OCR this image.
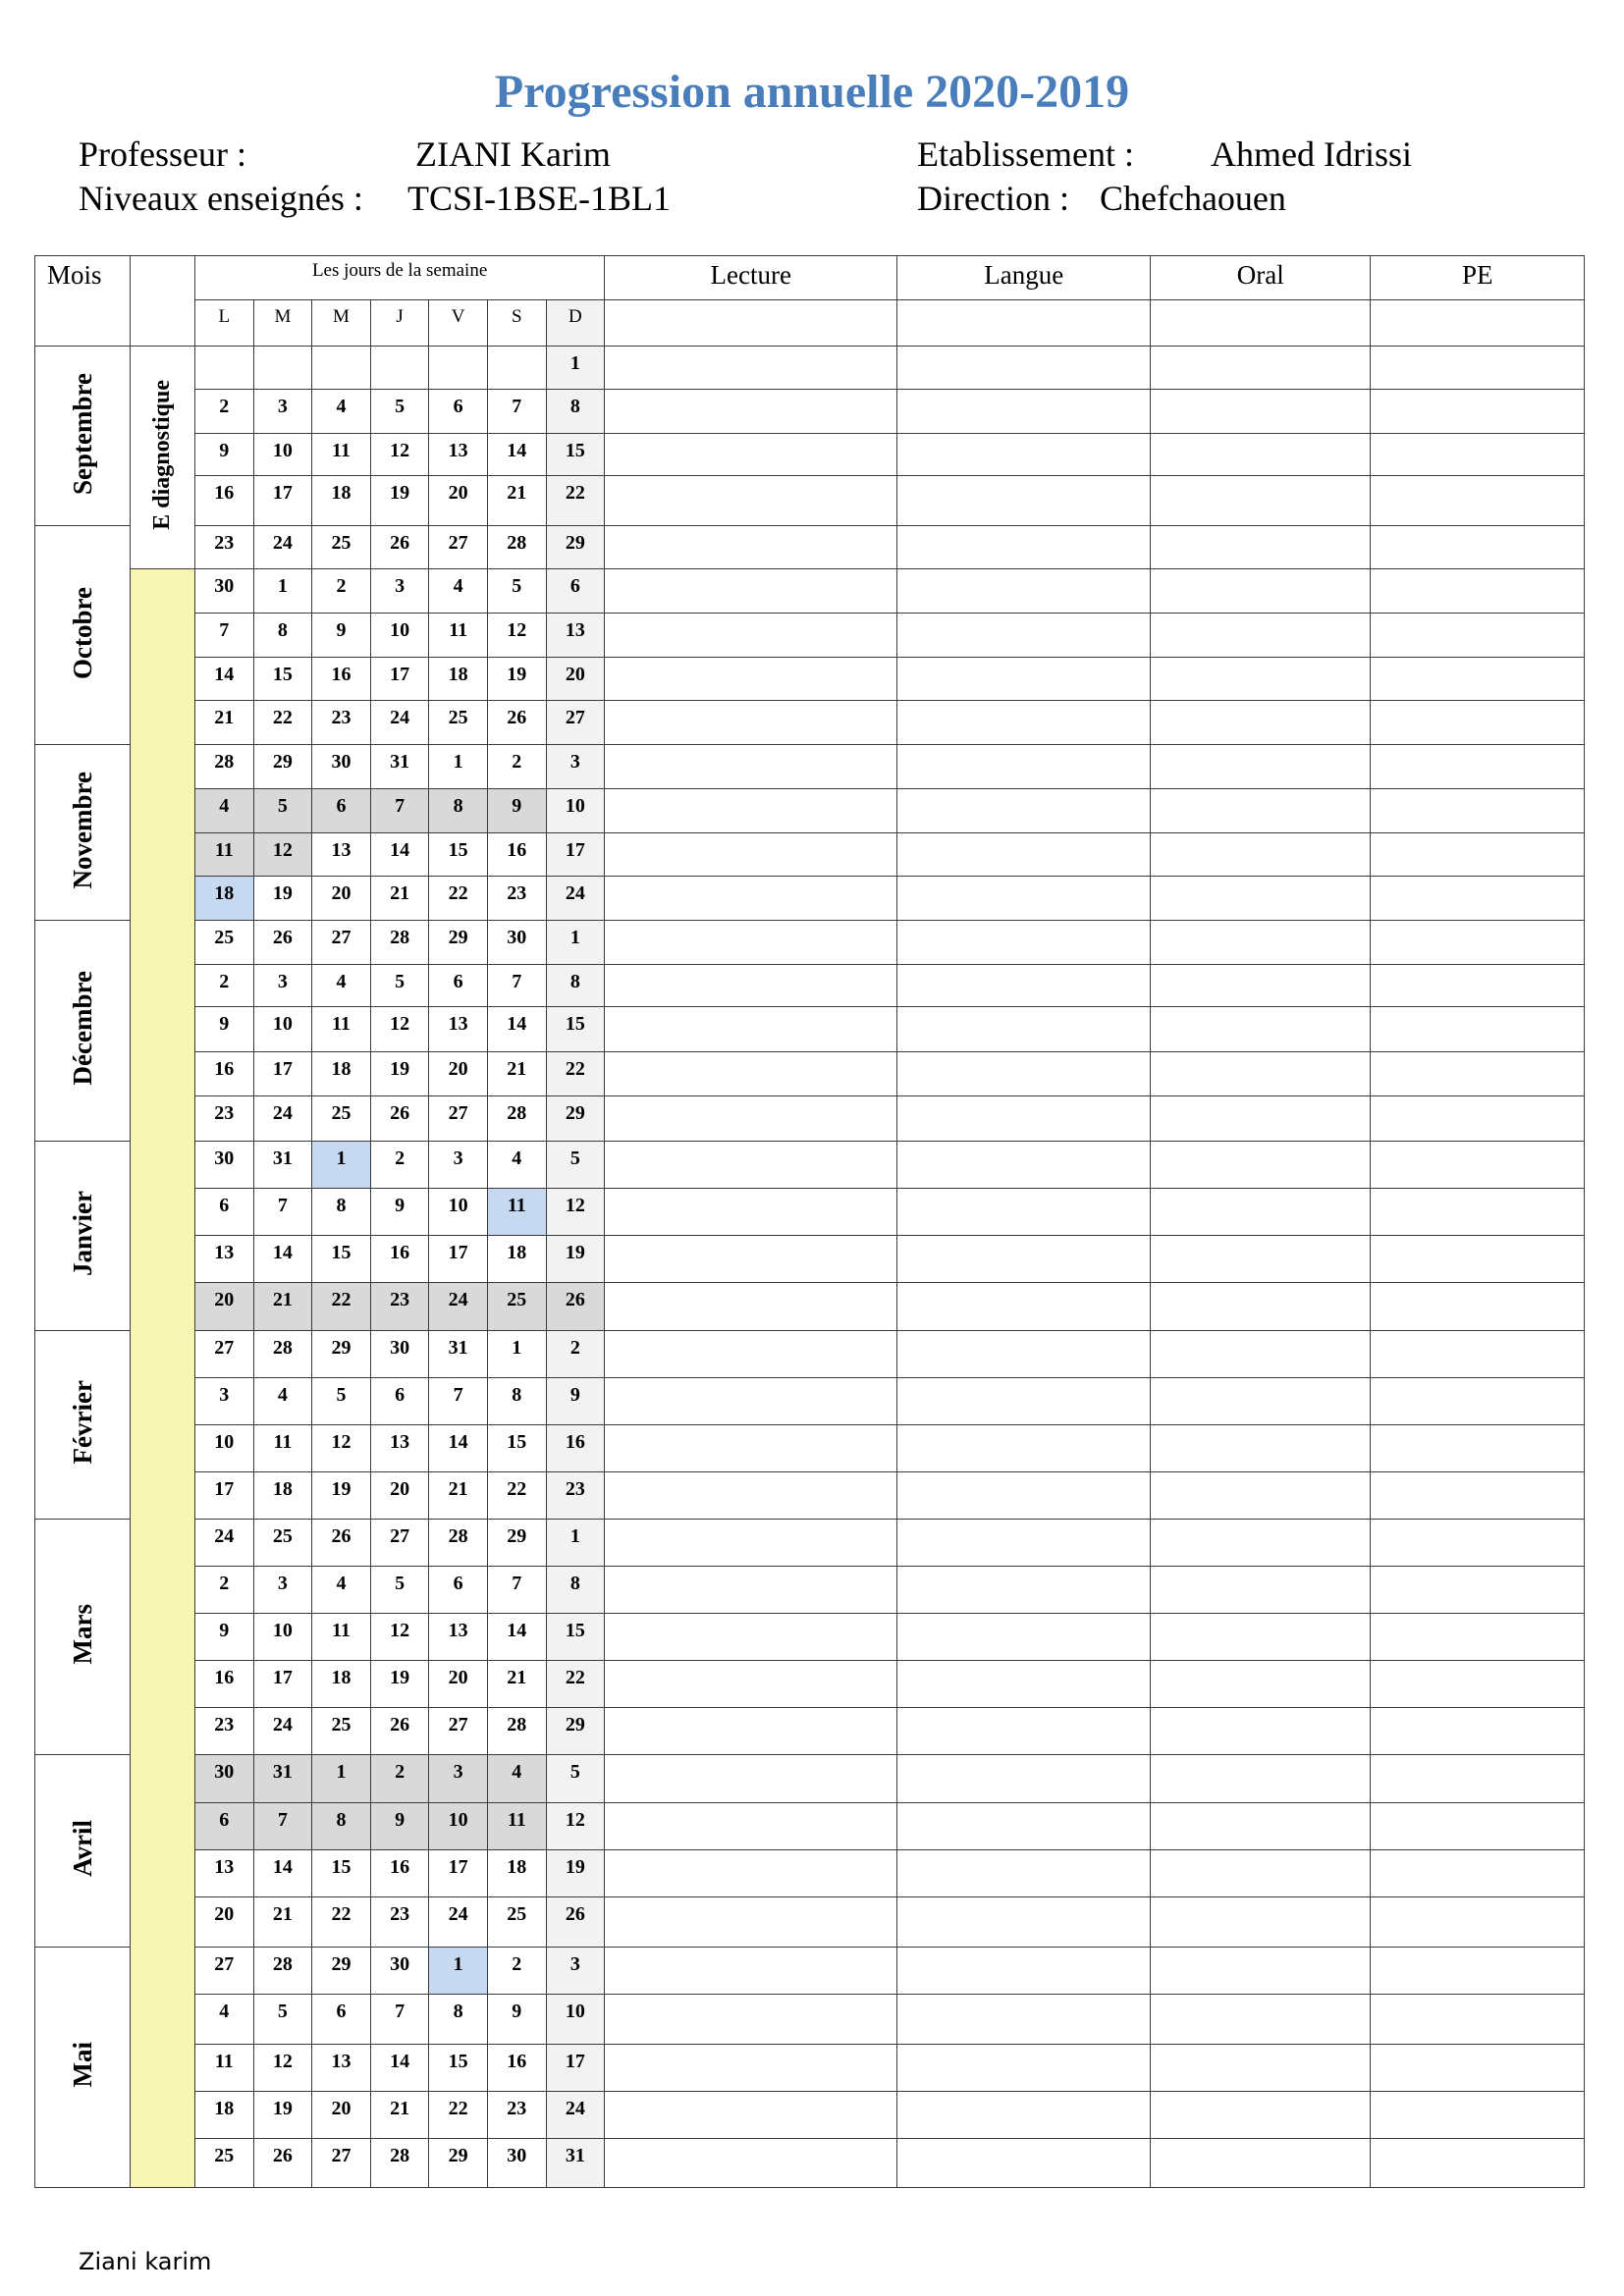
Progression annuelle 2020-2019
Professeur :	ZIANI Karim	Etablissement : Ahmed Idrissi
Niveaux enseignés : TCSI-1BSE-1BL1	Direction : Chefchaouen
Mois		Les jours de la semaine							Lecture	Langue	Oral	PE
		L	M	M	J	V	S	D				
Septembre	E diagnostique							1				
		2	3	4	5	6	7	8				
		9	10	11	12	13	14	15				
		16	17	18	19	20	21	22				
Octobre		23	24	25	26	27	28	29				
		30	1	2	3	4	5	6				
		7	8	9	10	11	12	13				
		14	15	16	17	18	19	20				
		21	22	23	24	25	26	27				
Novembre		28	29	30	31	1	2	3				
		4	5	6	7	8	9	10				
		11	12	13	14	15	16	17				
		18	19	20	21	22	23	24				
Décembre		25	26	27	28	29	30	1				
		2	3	4	5	6	7	8				
		9	10	11	12	13	14	15				
		16	17	18	19	20	21	22				
		23	24	25	26	27	28	29				
Janvier		30	31	1	2	3	4	5				
		6	7	8	9	10	11	12				
		13	14	15	16	17	18	19				
		20	21	22	23	24	25	26				
Février		27	28	29	30	31	1	2				
		3	4	5	6	7	8	9				
		10	11	12	13	14	15	16				
		17	18	19	20	21	22	23				
Mars		24	25	26	27	28	29	1				
		2	3	4	5	6	7	8				
		9	10	11	12	13	14	15				
		16	17	18	19	20	21	22				
		23	24	25	26	27	28	29				
Avril		30	31	1	2	3	4	5				
		6	7	8	9	10	11	12				
		13	14	15	16	17	18	19				
		20	21	22	23	24	25	26				
Mai		27	28	29	30	1	2	3				
		4	5	6	7	8	9	10				
		11	12	13	14	15	16	17				
		18	19	20	21	22	23	24				
		25	26	27	28	29	30	31				
Ziani karim
